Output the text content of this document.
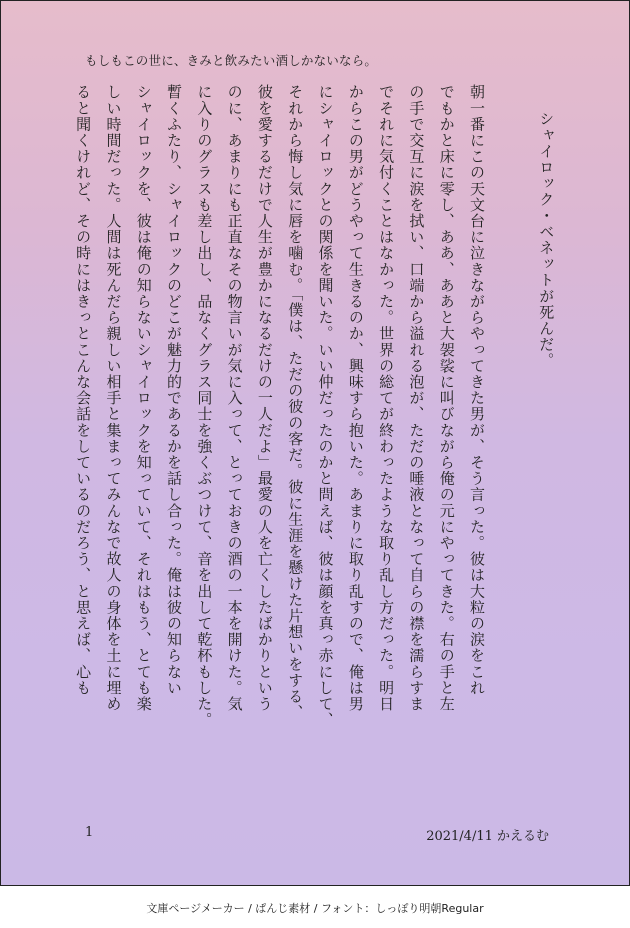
もしもこの世に、きみと飲みたい酒しかないなら。
シャイロック・ベネットが死んだ。
朝一番にこの天文台に泣きながらやってきた男が、そう言った。彼は大粒の涙をこれ
でもかと床に零し、ああ、ああと大袈裟に叫びながら俺の元にやってきた。右の手と左
の手で交互に涙を拭い、口端から溢れる泡が、ただの唾液となって自らの襟を濡らすま
でそれに気付くことはなかった。世界の総てが終わったような取り乱し方だった。明日
からこの男がどうやって生きるのか、興味すら抱いた。あまりに取り乱すので、俺は男
にシャイロックとの関係を聞いた。いい仲だったのかと問えば、彼は顔を真っ赤にして、
それから悔し気に唇を噛む。「僕は、ただの彼の客だ。彼に生涯を懸けた片想いをする、
彼を愛するだけで人生が豊かになるだけの一人だよ」最愛の人を亡くしたばかりという
のに、あまりにも正直なその物言いが気に入って、とっておきの酒の一本を開けた。気
に入りのグラスも差し出し、品なくグラス同士を強くぶつけて、音を出して乾杯もした。
暫くふたり、シャイロックのどこが魅力的であるかを話し合った。俺は彼の知らない
シャイロックを、彼は俺の知らないシャイロックを知っていて、それはもう、とても楽
しい時間だった。人間は死んだら親しい相手と集まってみんなで故人の身体を土に埋め
ると聞くけれど、その時にはきっとこんな会話をしているのだろう、と思えば、心も
1	2021/4/11 かえるむ
文庫ページメーカー / ぱんじ素材 / フォント：しっぽり明朝Regular
